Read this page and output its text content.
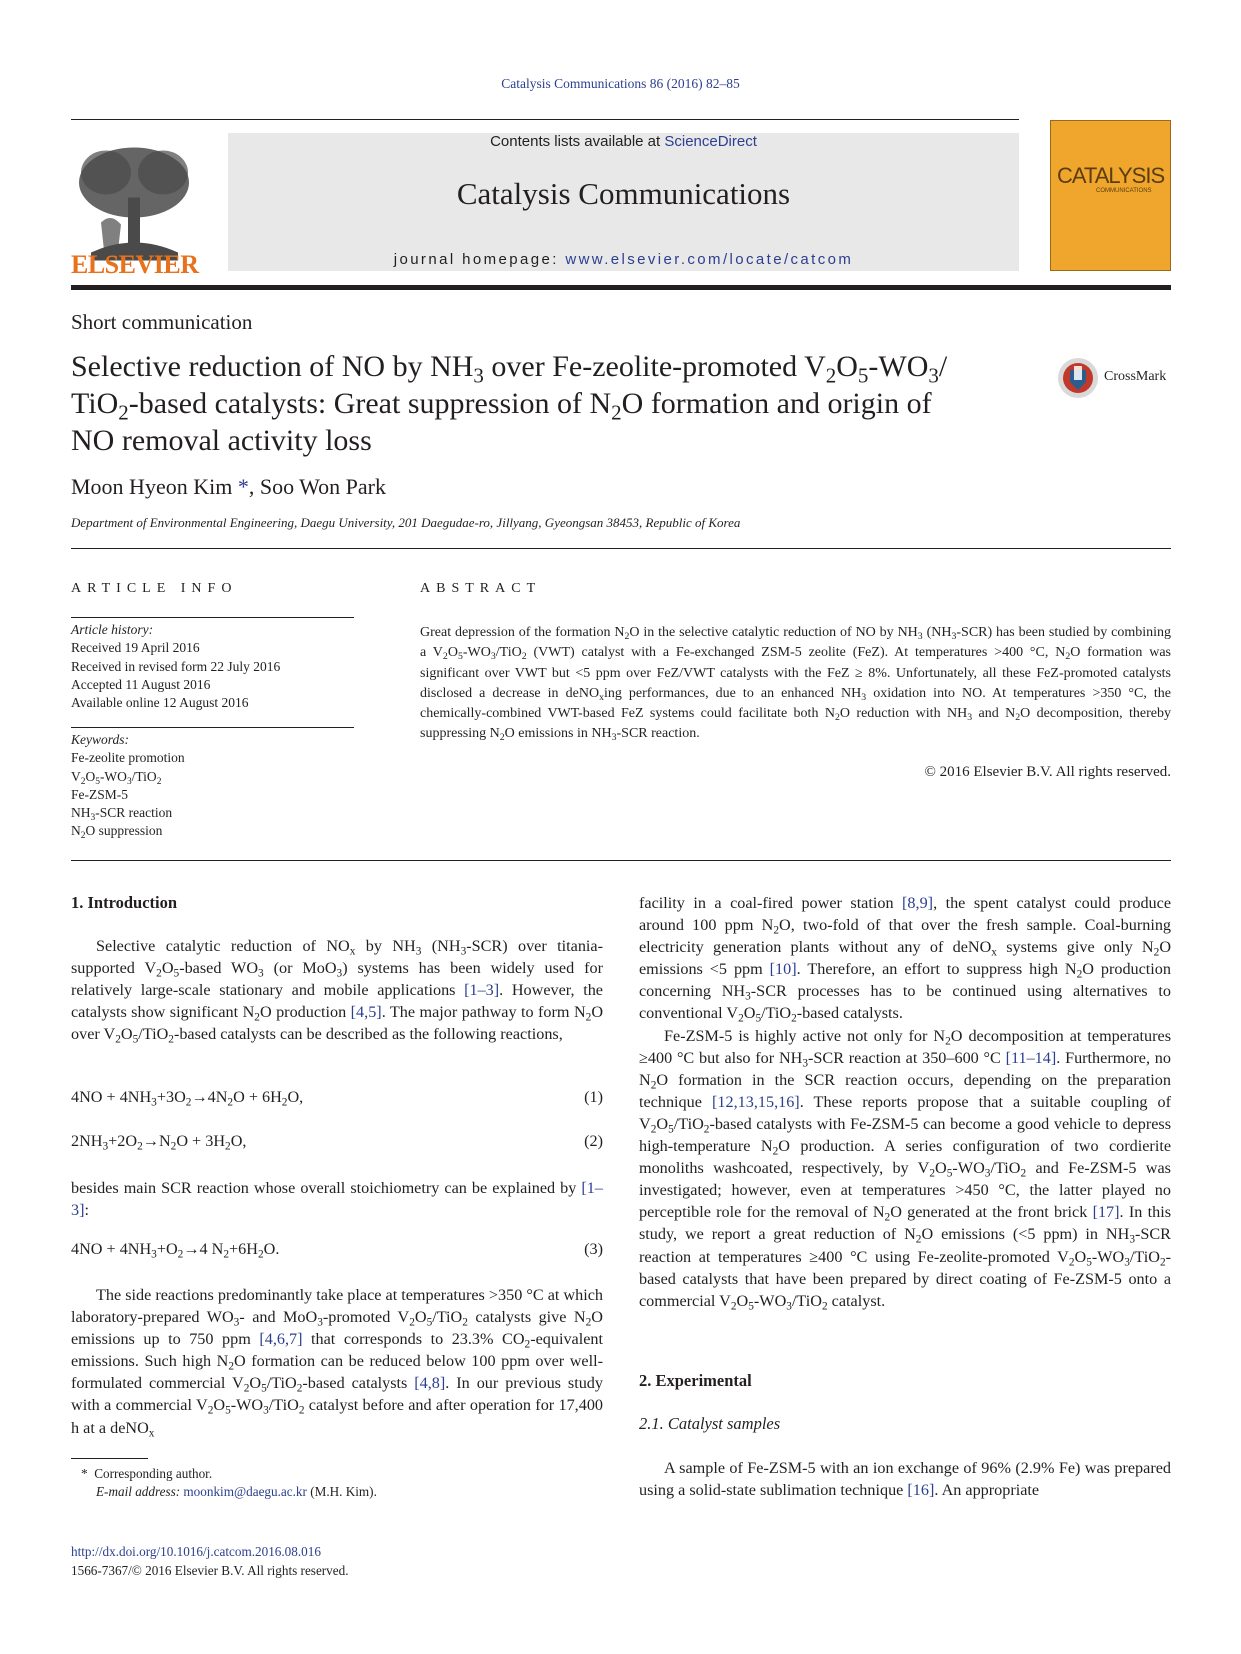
Catalysis Communications 86 (2016) 82–85
ELSEVIER
Contents lists available at ScienceDirect
Catalysis Communications
journal homepage: www.elsevier.com/locate/catcom
CATALYSIS
COMMUNICATIONS
Short communication
Selective reduction of NO by $NH_3$ over Fe-zeolite-promoted $V_2O_5-WO_3/$
TiO$_2$-based catalysts: Great suppression of $N_2O$ formation and origin of
NO removal activity loss
CrossMark
Moon Hyeon Kim *, Soo Won Park
Department of Environmental Engineering, Daegu University, 201 Daegudae-ro, Jillyang, Gyeongsan 38453, Republic of Korea
ARTICLE INFO	ABSTRACT
Article history:
Received 19 April 2016
Received in revised form 22 July 2016
Accepted 11 August 2016
Available online 12 August 2016
Keywords:
Fe-zeolite promotion
$V_2O_5-WO_3/TiO_2$
Fe-ZSM-5
$NH_3$-SCR reaction
$N_2O$ suppression
Great depression of the formation $N_2O$ in the selective catalytic reduction of NO by $NH_3$ $(NH_3-SCR)$ has been studied by combining a $V_2O_5-WO_3/TiO_2$ (VWT) catalyst with a Fe-exchanged ZSM-5 zeolite (FeZ). At temperatures >400 °C, $N_2O$ formation was significant over VWT but <5 ppm over FeZ/VWT catalysts with the FeZ ≥ 8%. Unfortunately, all these FeZ-promoted catalysts disclosed a decrease in deNO$_x$ing performances, due to an enhanced $NH_3$ oxidation into NO. At temperatures >350 °C, the chemically-combined VWT-based FeZ systems could facilitate both $N_2O$ reduction with $NH_3$ and $N_2O$ decomposition, thereby suppressing $N_2O$ emissions in $NH_3$-SCR reaction.
© 2016 Elsevier B.V. All rights reserved.
1. Introduction

Selective catalytic reduction of $NO_x$ by $NH_3$ $(NH_3-SCR)$ over titania-supported $V_2O_5$-based $WO_3$ (or MoO$_3$) systems has been widely used for relatively large-scale stationary and mobile applications [1–3]. However, the catalysts show significant $N_2O$ production [4,5]. The major pathway to form $N_2O$ over $V_2O_5/TiO_2$-based catalysts can be described as the following reactions,

$4NO + 4NH_3+3O_2\to 4N_2O + 6H_2O$,	(1)
$2NH_3+2O_2\to N_2O + 3H_2O$,	(2)

besides main SCR reaction whose overall stoichiometry can be explained by [1–3]:

$4NO + 4NH_3+O_2\to 4$ $N_2+6H_2O$.	(3)

The side reactions predominantly take place at temperatures >350 °C at which laboratory-prepared $WO_3-$ and MoO$_3$-promoted $V_2O_5/TiO_2$ catalysts give $N_2O$ emissions up to 750 ppm [4,6,7] that corresponds to 23.3% $CO_2$-equivalent emissions. Such high $N_2O$ formation can be reduced below 100 ppm over well-formulated commercial $V_2O_5/TiO_2$-based catalysts [4,8]. In our previous study with a commercial $V_2O_5-WO_3/TiO_2$ catalyst before and after operation for 17,400 h at a deNO$_x$

* Corresponding author.
E-mail address: moonkim@daegu.ac.kr (M.H. Kim).
http://dx.doi.org/10.1016/j.catcom.2016.08.016
1566-7367/© 2016 Elsevier B.V. All rights reserved.

facility in a coal-fired power station [8,9], the spent catalyst could produce around 100 ppm $N_2O$, two-fold of that over the fresh sample. Coal-burning electricity generation plants without any of deNO$_x$ systems give only $N_2O$ emissions <5 ppm [10]. Therefore, an effort to suppress high $N_2O$ production concerning $NH_3$-SCR processes has to be continued using alternatives to conventional $V_2O_5/TiO_2$-based catalysts.

Fe-ZSM-5 is highly active not only for $N_2O$ decomposition at temperatures ≥400 °C but also for $NH_3$-SCR reaction at 350–600 °C [11–14]. Furthermore, no $N_2O$ formation in the SCR reaction occurs, depending on the preparation technique [12,13,15,16]. These reports propose that a suitable coupling of $V_2O_5/TiO_2$-based catalysts with Fe-ZSM-5 can become a good vehicle to depress high-temperature $N_2O$ production. A series configuration of two cordierite monoliths washcoated, respectively, by $V_2O_5-WO_3/TiO_2$ and Fe-ZSM-5 was investigated; however, even at temperatures >450 °C, the latter played no perceptible role for the removal of $N_2O$ generated at the front brick [17]. In this study, we report a great reduction of $N_2O$ emissions (<5 ppm) in $NH_3$-SCR reaction at temperatures ≥400 °C using Fe-zeolite-promoted $V_2O_5-WO_3/TiO_2$-based catalysts that have been prepared by direct coating of Fe-ZSM-5 onto a commercial $V_2O_5-WO_3/TiO_2$ catalyst.

2. Experimental
2.1. Catalyst samples

A sample of Fe-ZSM-5 with an ion exchange of 96% (2.9% Fe) was prepared using a solid-state sublimation technique [16]. An appropriate
